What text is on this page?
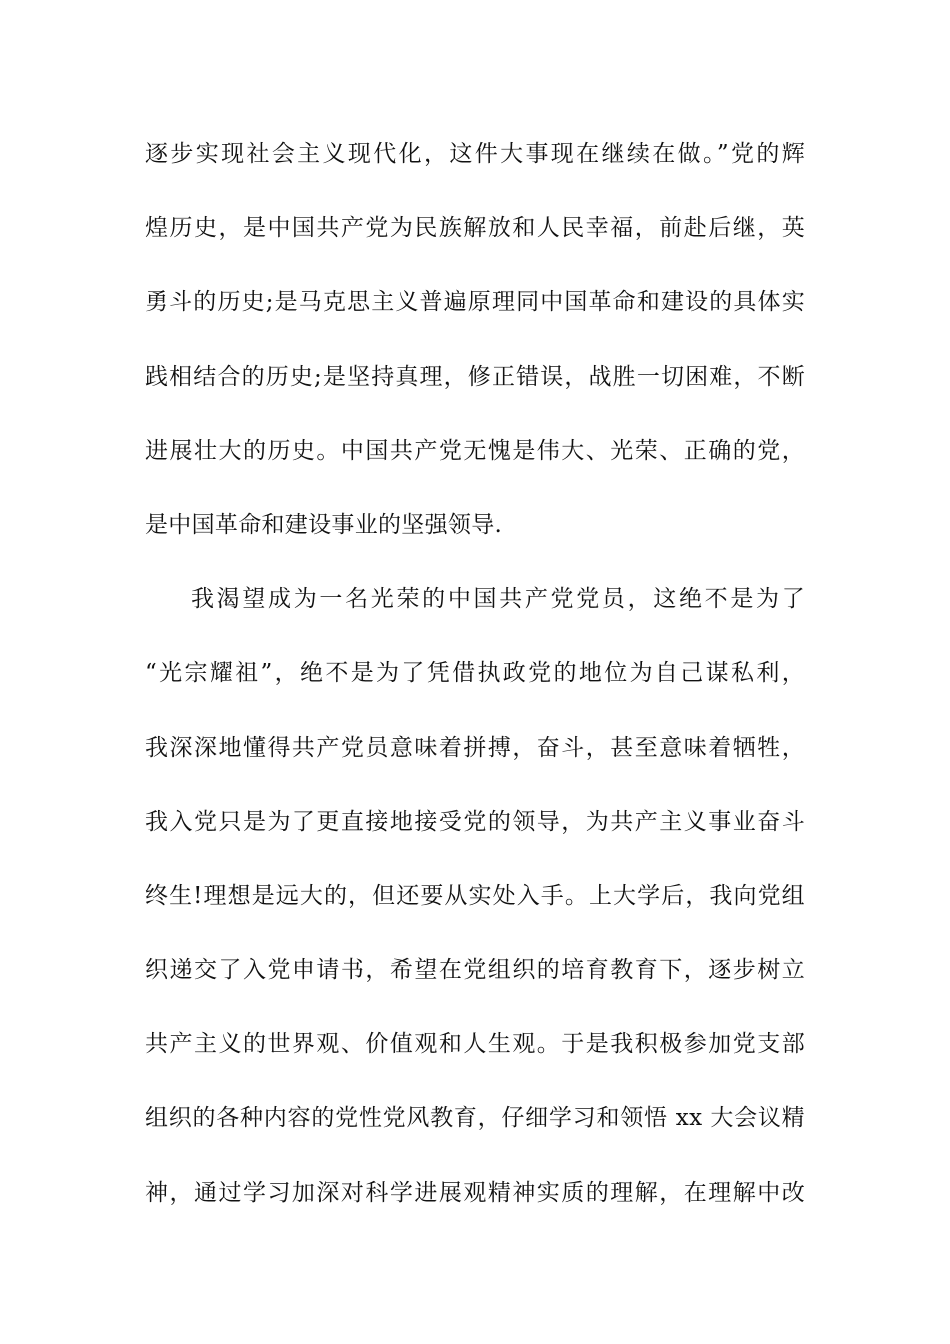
逐步实现社会主义现代化，这件大事现在继续在做。”党的辉
煌历史，是中国共产党为民族解放和人民幸福，前赴后继，英
勇斗的历史;是马克思主义普遍原理同中国革命和建设的具体实
践相结合的历史;是坚持真理，修正错误，战胜一切困难，不断
进展壮大的历史。中国共产党无愧是伟大、光荣、正确的党，
是中国革命和建设事业的坚强领导.
我渴望成为一名光荣的中国共产党党员，这绝不是为了
“光宗耀祖”，绝不是为了凭借执政党的地位为自己谋私利，
我深深地懂得共产党员意味着拼搏，奋斗，甚至意味着牺牲，
我入党只是为了更直接地接受党的领导，为共产主义事业奋斗
终生!理想是远大的，但还要从实处入手。上大学后，我向党组
织递交了入党申请书，希望在党组织的培育教育下，逐步树立
共产主义的世界观、价值观和人生观。于是我积极参加党支部
组织的各种内容的党性党风教育，仔细学习和领悟 xx 大会议精
神，通过学习加深对科学进展观精神实质的理解，在理解中改
